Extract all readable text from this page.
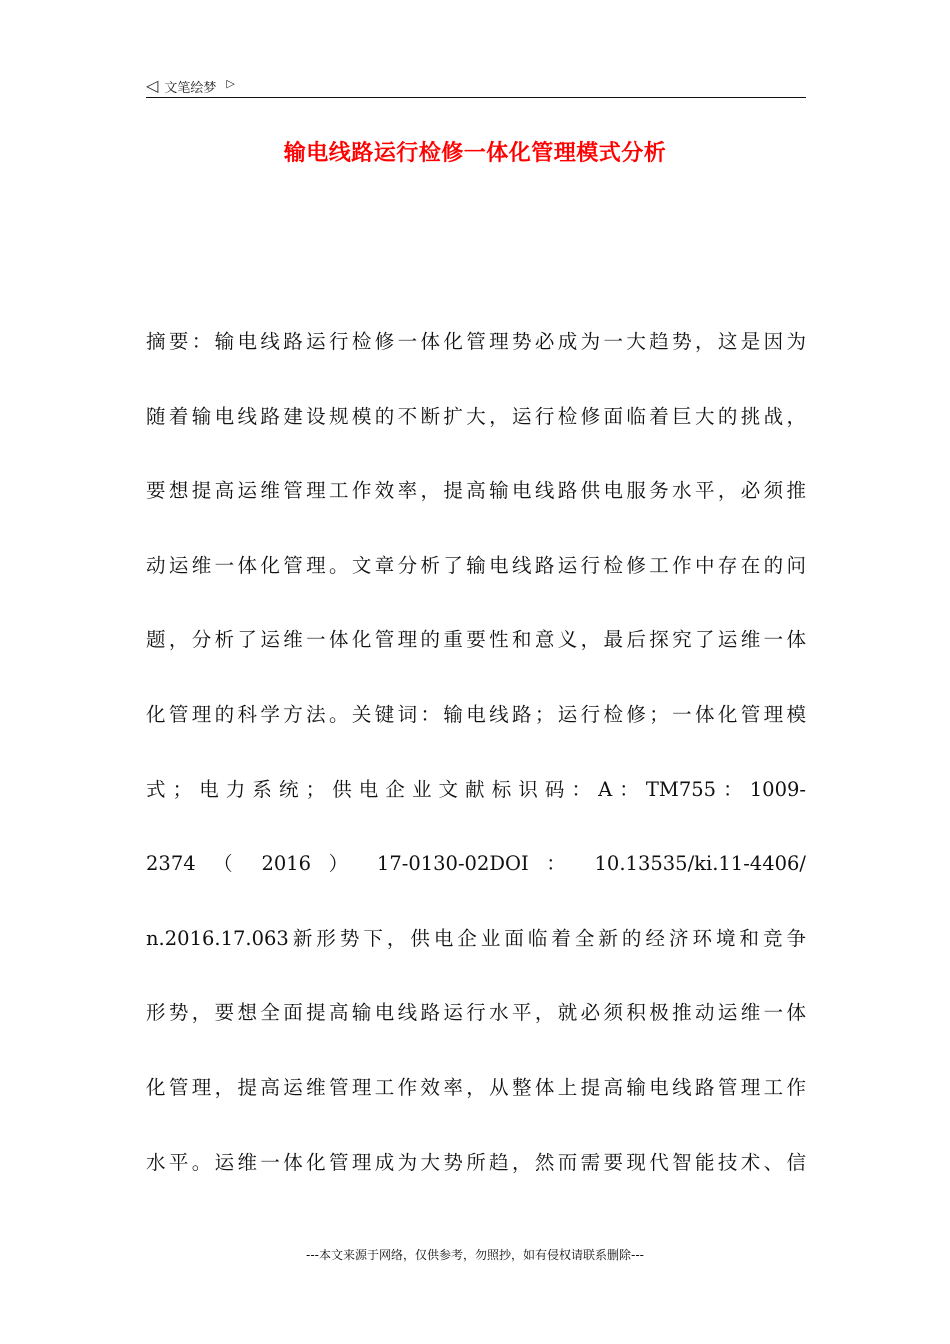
◁ 文笔绘梦 ▷
输电线路运行检修一体化管理模式分析
摘要：输电线路运行检修一体化管理势必成为一大趋势，这是因为
随着输电线路建设规模的不断扩大，运行检修面临着巨大的挑战，
要想提高运维管理工作效率，提高输电线路供电服务水平，必须推
动运维一体化管理。文章分析了输电线路运行检修工作中存在的问
题，分析了运维一体化管理的重要性和意义，最后探究了运维一体
化管理的科学方法。关键词：输电线路；运行检修；一体化管理模
式；电力系统；供电企业文献标识码：A：TM755：1009-
2374 （ 2016 ） 17-0130-02DOI ： 10.13535/ki.11-4406/
n.2016.17.063新形势下，供电企业面临着全新的经济环境和竞争
形势，要想全面提高输电线路运行水平，就必须积极推动运维一体
化管理，提高运维管理工作效率，从整体上提高输电线路管理工作
水平。运维一体化管理成为大势所趋，然而需要现代智能技术、信
---本文来源于网络，仅供参考，勿照抄，如有侵权请联系删除---
